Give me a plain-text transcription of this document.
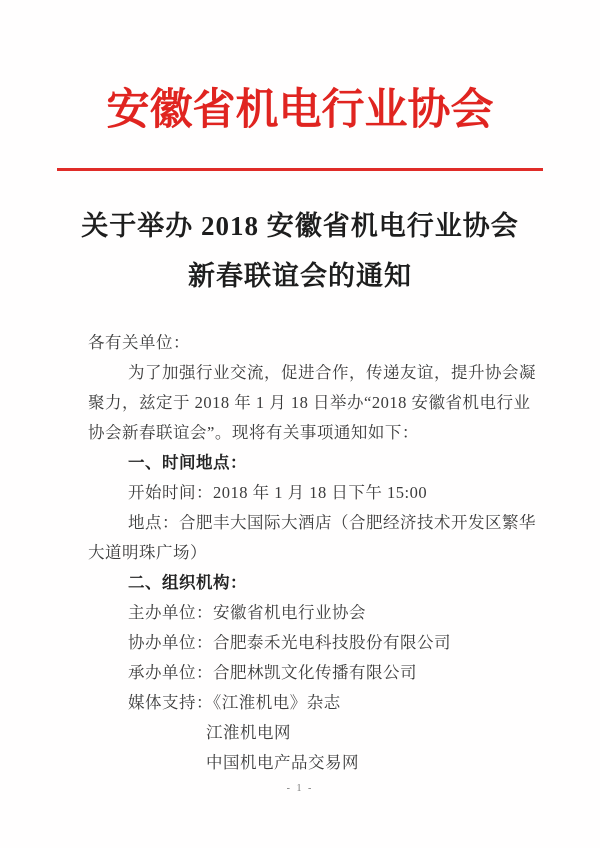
安徽省机电行业协会
关于举办 2018 安徽省机电行业协会
新春联谊会的通知
各有关单位：
为了加强行业交流，促进合作，传递友谊，提升协会凝
聚力，兹定于 2018 年 1 月 18 日举办“2018 安徽省机电行业
协会新春联谊会”。现将有关事项通知如下：
一、时间地点：
开始时间：2018 年 1 月 18 日下午 15:00
地点：合肥丰大国际大酒店（合肥经济技术开发区繁华
大道明珠广场）
二、组织机构：
主办单位：安徽省机电行业协会
协办单位：合肥泰禾光电科技股份有限公司
承办单位：合肥林凯文化传播有限公司
媒体支持：《江淮机电》杂志
江淮机电网
中国机电产品交易网
- 1 -
